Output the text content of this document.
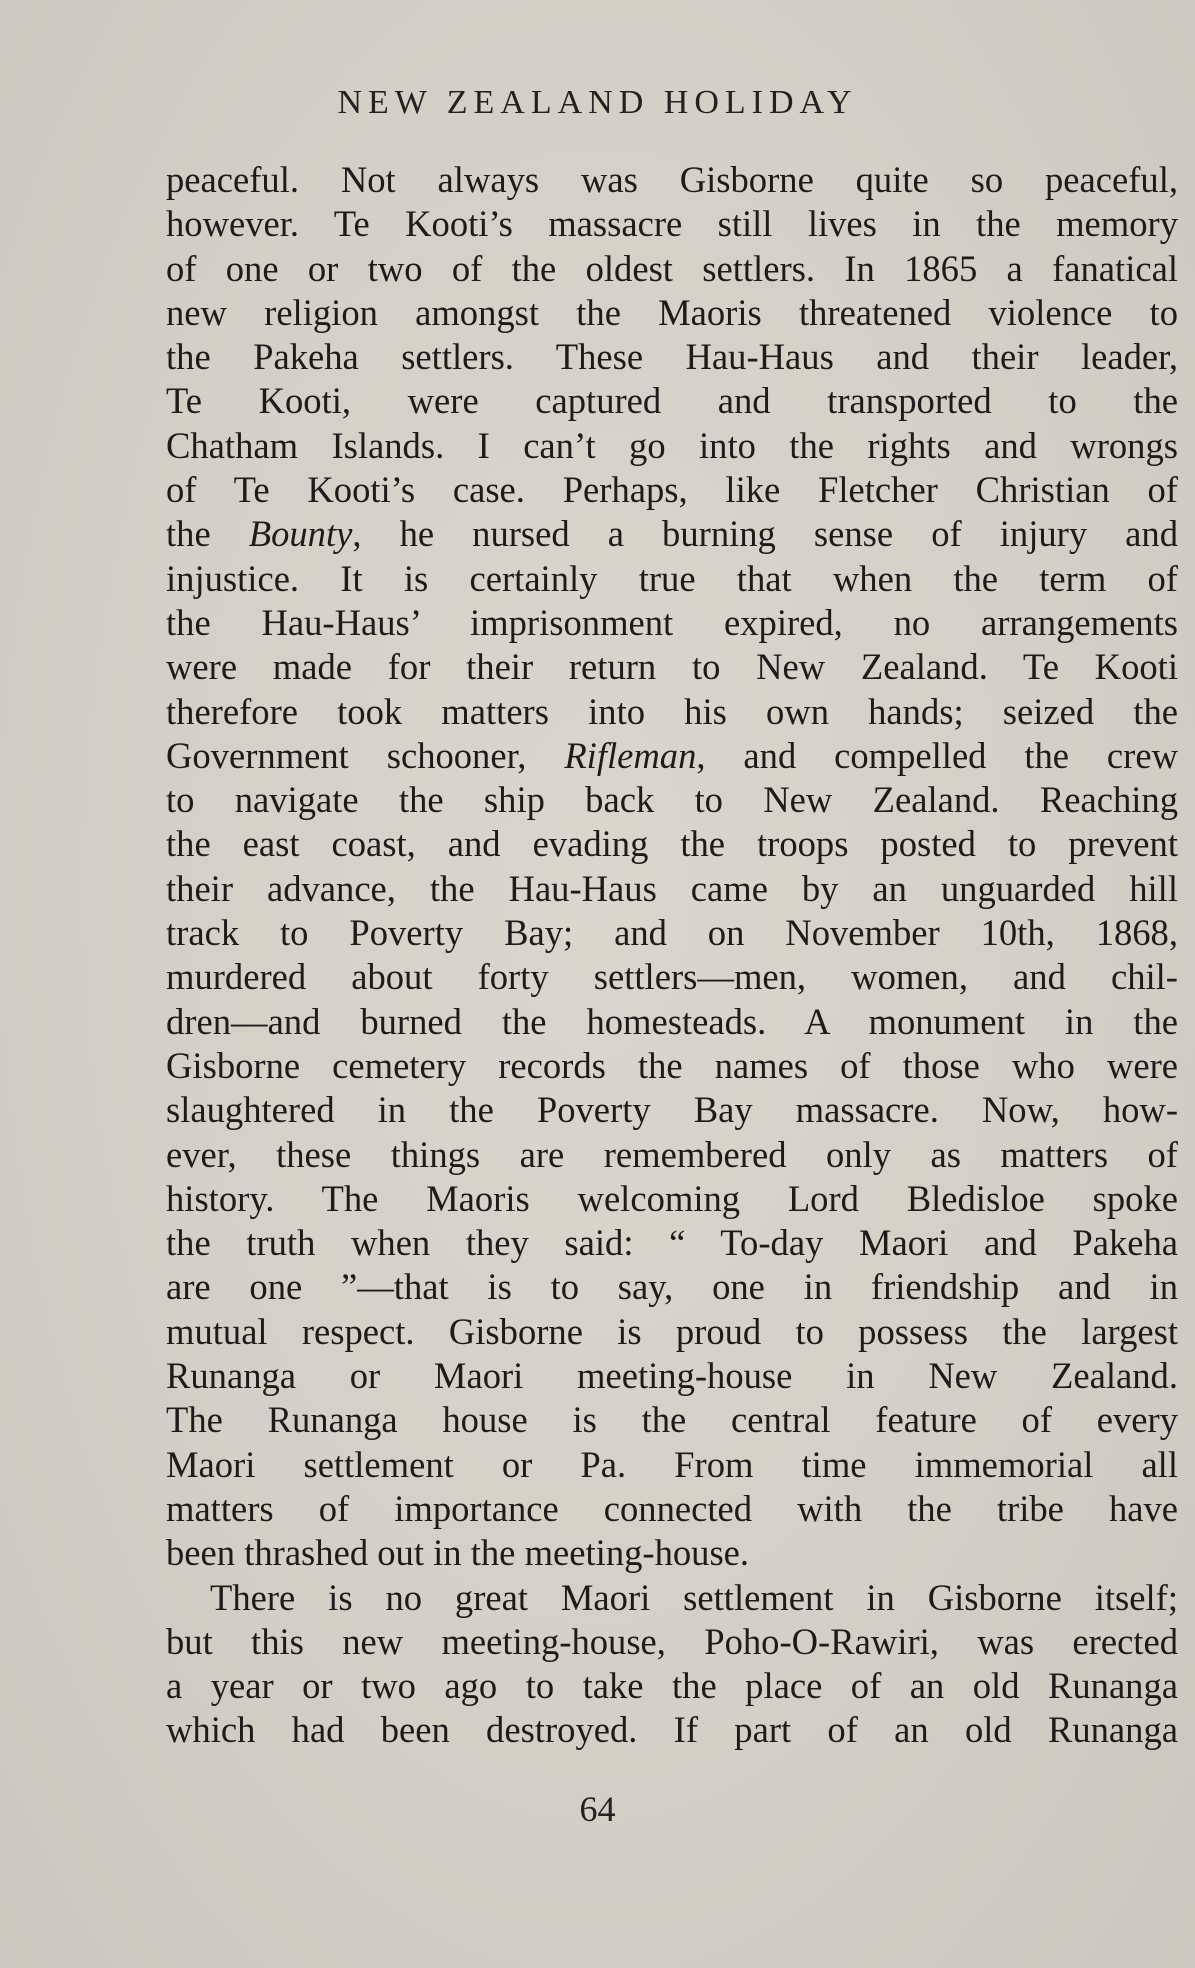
NEW ZEALAND HOLIDAY
peaceful. Not always was Gisborne quite so peaceful,
however. Te Kooti’s massacre still lives in the memory
of one or two of the oldest settlers. In 1865 a fanatical
new religion amongst the Maoris threatened violence to
the Pakeha settlers. These Hau-Haus and their leader,
Te Kooti, were captured and transported to the
Chatham Islands. I can’t go into the rights and wrongs
of Te Kooti’s case. Perhaps, like Fletcher Christian of
the Bounty, he nursed a burning sense of injury and
injustice. It is certainly true that when the term of
the Hau-Haus’ imprisonment expired, no arrangements
were made for their return to New Zealand. Te Kooti
therefore took matters into his own hands; seized the
Government schooner, Rifleman, and compelled the crew
to navigate the ship back to New Zealand. Reaching
the east coast, and evading the troops posted to prevent
their advance, the Hau-Haus came by an unguarded hill
track to Poverty Bay; and on November 10th, 1868,
murdered about forty settlers—men, women, and chil-
dren—and burned the homesteads. A monument in the
Gisborne cemetery records the names of those who were
slaughtered in the Poverty Bay massacre. Now, how-
ever, these things are remembered only as matters of
history. The Maoris welcoming Lord Bledisloe spoke
the truth when they said: “ To-day Maori and Pakeha
are one ”—that is to say, one in friendship and in
mutual respect. Gisborne is proud to possess the largest
Runanga or Maori meeting-house in New Zealand.
The Runanga house is the central feature of every
Maori settlement or Pa. From time immemorial all
matters of importance connected with the tribe have
been thrashed out in the meeting-house.
There is no great Maori settlement in Gisborne itself;
but this new meeting-house, Poho-O-Rawiri, was erected
a year or two ago to take the place of an old Runanga
which had been destroyed. If part of an old Runanga
64
